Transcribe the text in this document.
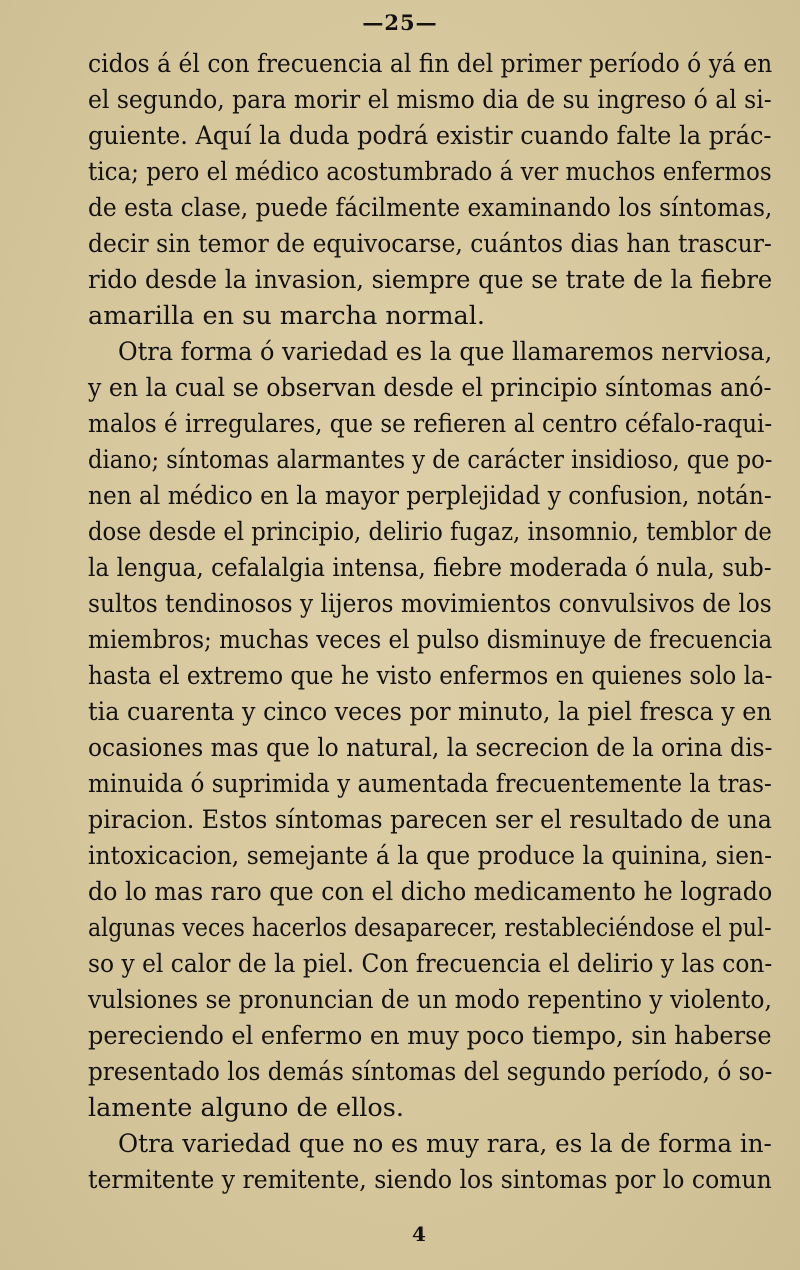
—25—
cidos á él con frecuencia al fin del primer período ó yá en
el segundo, para morir el mismo dia de su ingreso ó al si-
guiente. Aquí la duda podrá existir cuando falte la prác-
tica; pero el médico acostumbrado á ver muchos enfermos
de esta clase, puede fácilmente examinando los síntomas,
decir sin temor de equivocarse, cuántos dias han trascur-
rido desde la invasion, siempre que se trate de la fiebre
amarilla en su marcha normal.
Otra forma ó variedad es la que llamaremos nerviosa,
y en la cual se observan desde el principio síntomas anó-
malos é irregulares, que se refieren al centro céfalo-raqui-
diano; síntomas alarmantes y de carácter insidioso, que po-
nen al médico en la mayor perplejidad y confusion, notán-
dose desde el principio, delirio fugaz, insomnio, temblor de
la lengua, cefalalgia intensa, fiebre moderada ó nula, sub-
sultos tendinosos y lijeros movimientos convulsivos de los
miembros; muchas veces el pulso disminuye de frecuencia
hasta el extremo que he visto enfermos en quienes solo la-
tia cuarenta y cinco veces por minuto, la piel fresca y en
ocasiones mas que lo natural, la secrecion de la orina dis-
minuida ó suprimida y aumentada frecuentemente la tras-
piracion. Estos síntomas parecen ser el resultado de una
intoxicacion, semejante á la que produce la quinina, sien-
do lo mas raro que con el dicho medicamento he logrado
algunas veces hacerlos desaparecer, restableciéndose el pul-
so y el calor de la piel. Con frecuencia el delirio y las con-
vulsiones se pronuncian de un modo repentino y violento,
pereciendo el enfermo en muy poco tiempo, sin haberse
presentado los demás síntomas del segundo período, ó so-
lamente alguno de ellos.
Otra variedad que no es muy rara, es la de forma in-
termitente y remitente, siendo los sintomas por lo comun
4
